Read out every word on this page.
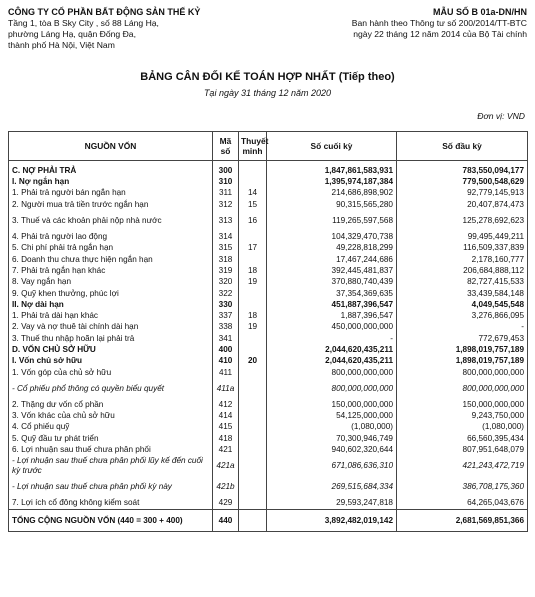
CÔNG TY CỔ PHẦN BẤT ĐỘNG SẢN THẾ KỶ
Tầng 1, tòa B Sky City , số 88 Láng Hạ,
phường Láng Hạ, quận Đống Đa,
thành phố Hà Nội, Việt Nam
MẪU SỐ B 01a-DN/HN
Ban hành theo Thông tư số 200/2014/TT-BTC
ngày 22 tháng 12 năm 2014 của Bộ Tài chính
BẢNG CÂN ĐỐI KẾ TOÁN HỢP NHẤT (Tiếp theo)
Tại ngày 31 tháng 12 năm 2020
Đơn vị: VND
NGUỒN VỐN	Mã số	Thuyết minh	Số cuối kỳ	Số đầu kỳ
C. NỢ PHẢI TRẢ	300		1,847,861,583,931	783,550,094,177
I. Nợ ngắn hạn	310		1,395,974,187,384	779,500,548,629
1. Phải trả người bán ngắn hạn	311	14	214,686,898,902	92,779,145,913
2. Người mua trả tiền trước ngắn hạn	312	15	90,315,565,280	20,407,874,473
3. Thuế và các khoản phải nộp nhà nước	313	16	119,265,597,568	125,278,692,623
4. Phải trả người lao động	314		104,329,470,738	99,495,449,211
5. Chi phí phải trả ngắn hạn	315	17	49,228,818,299	116,509,337,839
6. Doanh thu chưa thực hiện ngắn hạn	318		17,467,244,686	2,178,160,777
7. Phải trả ngắn hạn khác	319	18	392,445,481,837	206,684,888,112
8. Vay ngắn hạn	320	19	370,880,740,439	82,727,415,533
9. Quỹ khen thưởng, phúc lợi	322		37,354,369,635	33,439,584,148
II. Nợ dài hạn	330		451,887,396,547	4,049,545,548
1. Phải trả dài hạn khác	337	18	1,887,396,547	3,276,866,095
2. Vay và nợ thuê tài chính dài hạn	338	19	450,000,000,000	-
3. Thuế thu nhập hoãn lại phải trả	341		-	772,679,453
D. VỐN CHỦ SỞ HỮU	400		2,044,620,435,211	1,898,019,757,189
I. Vốn chủ sở hữu	410	20	2,044,620,435,211	1,898,019,757,189
1. Vốn góp của chủ sở hữu	411		800,000,000,000	800,000,000,000
- Cổ phiếu phổ thông có quyền biểu quyết	411a		800,000,000,000	800,000,000,000
2. Thặng dư vốn cổ phần	412		150,000,000,000	150,000,000,000
3. Vốn khác của chủ sở hữu	414		54,125,000,000	9,243,750,000
4. Cổ phiếu quỹ	415		(1,080,000)	(1,080,000)
5. Quỹ đầu tư phát triển	418		70,300,946,749	66,560,395,434
6. Lợi nhuận sau thuế chưa phân phối	421		940,602,320,644	807,951,648,079
- Lợi nhuận sau thuế chưa phân phối lũy kế đến cuối kỳ trước	421a		671,086,636,310	421,243,472,719
- Lợi nhuận sau thuế chưa phân phối kỳ này	421b		269,515,684,334	386,708,175,360
7. Lợi ích cổ đông không kiểm soát	429		29,593,247,818	64,265,043,676
TỔNG CỘNG NGUỒN VỐN (440 = 300 + 400)	440		3,892,482,019,142	2,681,569,851,366
